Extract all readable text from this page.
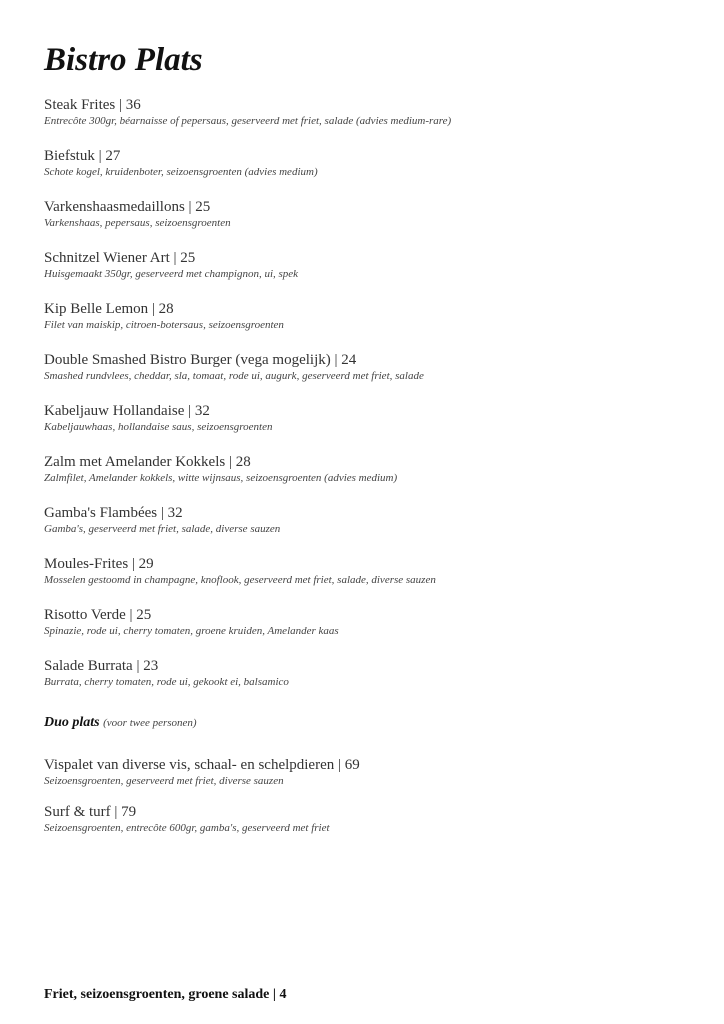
Bistro Plats
Steak Frites | 36
Entrecôte 300gr, béarnaisse of pepersaus, geserveerd met friet, salade (advies medium-rare)
Biefstuk | 27
Schote kogel, kruidenboter, seizoensgroenten (advies medium)
Varkenshaasmedaillons | 25
Varkenshaas, pepersaus, seizoensgroenten
Schnitzel Wiener Art | 25
Huisgemaakt 350gr, geserveerd met champignon, ui, spek
Kip Belle Lemon | 28
Filet van maiskip, citroen-botersaus, seizoensgroenten
Double Smashed Bistro Burger (vega mogelijk) | 24
Smashed rundvlees, cheddar, sla, tomaat, rode ui, augurk, geserveerd met friet, salade
Kabeljauw Hollandaise | 32
Kabeljauwhaas, hollandaise saus, seizoensgroenten
Zalm met Amelander Kokkels | 28
Zalmfilet, Amelander kokkels, witte wijnsaus, seizoensgroenten (advies medium)
Gamba's Flambées | 32
Gamba's, geserveerd met friet, salade, diverse sauzen
Moules-Frites | 29
Mosselen gestoomd in champagne, knoflook, geserveerd met friet, salade, diverse sauzen
Risotto Verde | 25
Spinazie, rode ui, cherry tomaten, groene kruiden, Amelander kaas
Salade Burrata | 23
Burrata, cherry tomaten, rode ui, gekookt ei, balsamico
Duo plats (voor twee personen)
Vispalet van diverse vis, schaal- en schelpdieren | 69
Seizoensgroenten, geserveerd met friet, diverse sauzen
Surf & turf | 79
Seizoensgroenten, entrecôte 600gr, gamba's, geserveerd met friet
Friet, seizoensgroenten, groene salade | 4
